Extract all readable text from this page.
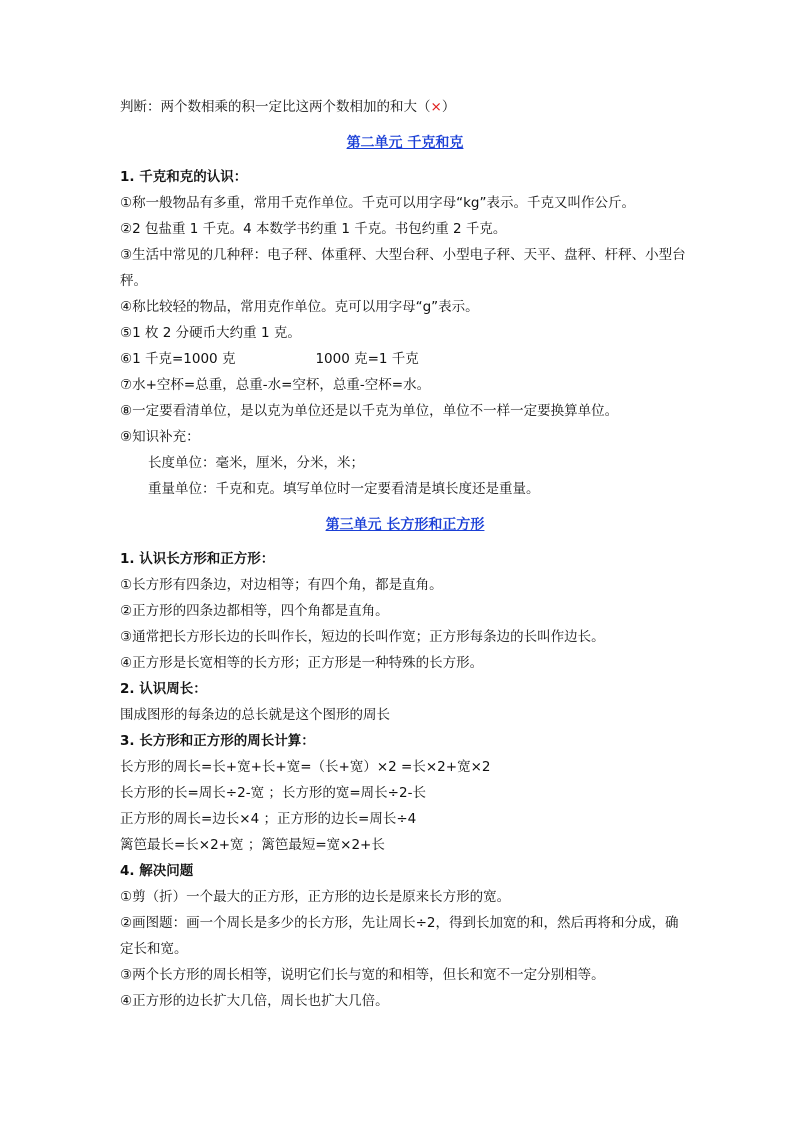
判断：两个数相乘的积一定比这两个数相加的和大（×）
第二单元 千克和克
1. 千克和克的认识：
①称一般物品有多重，常用千克作单位。千克可以用字母“kg”表示。千克又叫作公斤。
②2 包盐重 1 千克。4 本数学书约重 1 千克。书包约重 2 千克。
③生活中常见的几种秤：电子秤、体重秤、大型台秤、小型电子秤、天平、盘秤、杆秤、小型台秤。
④称比较轻的物品，常用克作单位。克可以用字母“g”表示。
⑤1 枚 2 分硬币大约重 1 克。
⑥1 千克=1000 克	1000 克=1 千克
⑦水+空杯=总重，总重-水=空杯，总重-空杯=水。
⑧一定要看清单位，是以克为单位还是以千克为单位，单位不一样一定要换算单位。
⑨知识补充：
长度单位：毫米，厘米，分米，米；
重量单位：千克和克。填写单位时一定要看清是填长度还是重量。
第三单元 长方形和正方形
1. 认识长方形和正方形：
①长方形有四条边，对边相等；有四个角，都是直角。
②正方形的四条边都相等，四个角都是直角。
③通常把长方形长边的长叫作长，短边的长叫作宽；正方形每条边的长叫作边长。
④正方形是长宽相等的长方形；正方形是一种特殊的长方形。
2. 认识周长：
围成图形的每条边的总长就是这个图形的周长
3. 长方形和正方形的周长计算：
长方形的周长=长+宽+长+宽=（长+宽）×2 =长×2+宽×2
长方形的长=周长÷2-宽 ；长方形的宽=周长÷2-长
正方形的周长=边长×4 ；正方形的边长=周长÷4
篱笆最长=长×2+宽 ；篱笆最短=宽×2+长
4. 解决问题
①剪（折）一个最大的正方形，正方形的边长是原来长方形的宽。
②画图题：画一个周长是多少的长方形，先让周长÷2，得到长加宽的和，然后再将和分成，确定长和宽。
③两个长方形的周长相等，说明它们长与宽的和相等，但长和宽不一定分别相等。
④正方形的边长扩大几倍，周长也扩大几倍。
